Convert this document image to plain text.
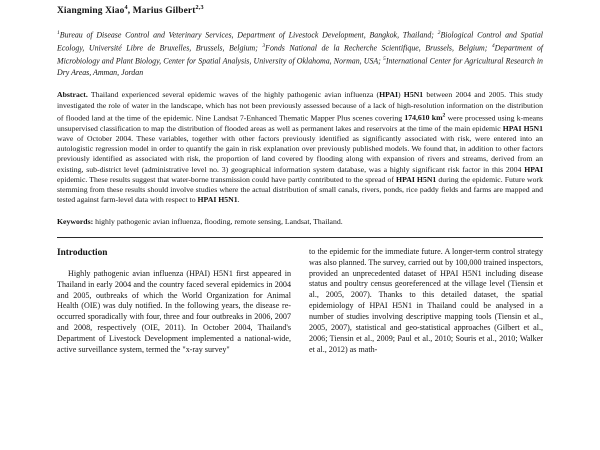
Xiangming Xiao$^4$, Marius Gilbert$^{2,3}$
$^1$Bureau of Disease Control and Veterinary Services, Department of Livestock Development, Bangkok, Thailand; $^2$Biological Control and Spatial Ecology, Université Libre de Bruxelles, Brussels, Belgium; $^3$Fonds National de la Recherche Scientifique, Brussels, Belgium; $^4$Department of Microbiology and Plant Biology, Center for Spatial Analysis, University of Oklahoma, Norman, USA; $^5$International Center for Agricultural Research in Dry Areas, Amman, Jordan
Abstract. Thailand experienced several epidemic waves of the highly pathogenic avian influenza (HPAI) H5N1 between 2004 and 2005. This study investigated the role of water in the landscape, which has not been previously assessed because of a lack of high-resolution information on the distribution of flooded land at the time of the epidemic. Nine Landsat 7-Enhanced Thematic Mapper Plus scenes covering 174,610 $km^2$ were processed using k-means unsupervised classification to map the distribution of flooded areas as well as permanent lakes and reservoirs at the time of the main epidemic HPAI H5N1 wave of October 2004. These variables, together with other factors previously identified as significantly associated with risk, were entered into an autologistic regression model in order to quantify the gain in risk explanation over previously published models. We found that, in addition to other factors previously identified as associated with risk, the proportion of land covered by flooding along with expansion of rivers and streams, derived from an existing, sub-district level (administrative level no. 3) geographical information system database, was a highly significant risk factor in this 2004 HPAI epidemic. These results suggest that water-borne transmission could have partly contributed to the spread of HPAI H5N1 during the epidemic. Future work stemming from these results should involve studies where the actual distribution of small canals, rivers, ponds, rice paddy fields and farms are mapped and tested against farm-level data with respect to HPAI H5N1.
Keywords: highly pathogenic avian influenza, flooding, remote sensing, Landsat, Thailand.
Introduction
Highly pathogenic avian influenza (HPAI) H5N1 first appeared in Thailand in early 2004 and the country faced several epidemics in 2004 and 2005, outbreaks of which the World Organization for Animal Health (OIE) was duly notified. In the following years, the disease re-occurred sporadically with four, three and four outbreaks in 2006, 2007 and 2008, respectively (OIE, 2011). In October 2004, Thailand's Department of Livestock Development implemented a national-wide, active surveillance system, termed the "x-ray survey"
to the epidemic for the immediate future. A longer-term control strategy was also planned. The survey, carried out by 100,000 trained inspectors, provided an unprecedented dataset of HPAI H5N1 including disease status and poultry census georeferenced at the village level (Tiensin et al., 2005, 2007). Thanks to this detailed dataset, the spatial epidemiology of HPAI H5N1 in Thailand could be analysed in a number of studies involving descriptive mapping tools (Tiensin et al., 2005, 2007), statistical and geo-statistical approaches (Gilbert et al., 2006; Tiensin et al., 2009; Paul et al., 2010; Souris et al., 2010; Walker et al., 2012) as math-
